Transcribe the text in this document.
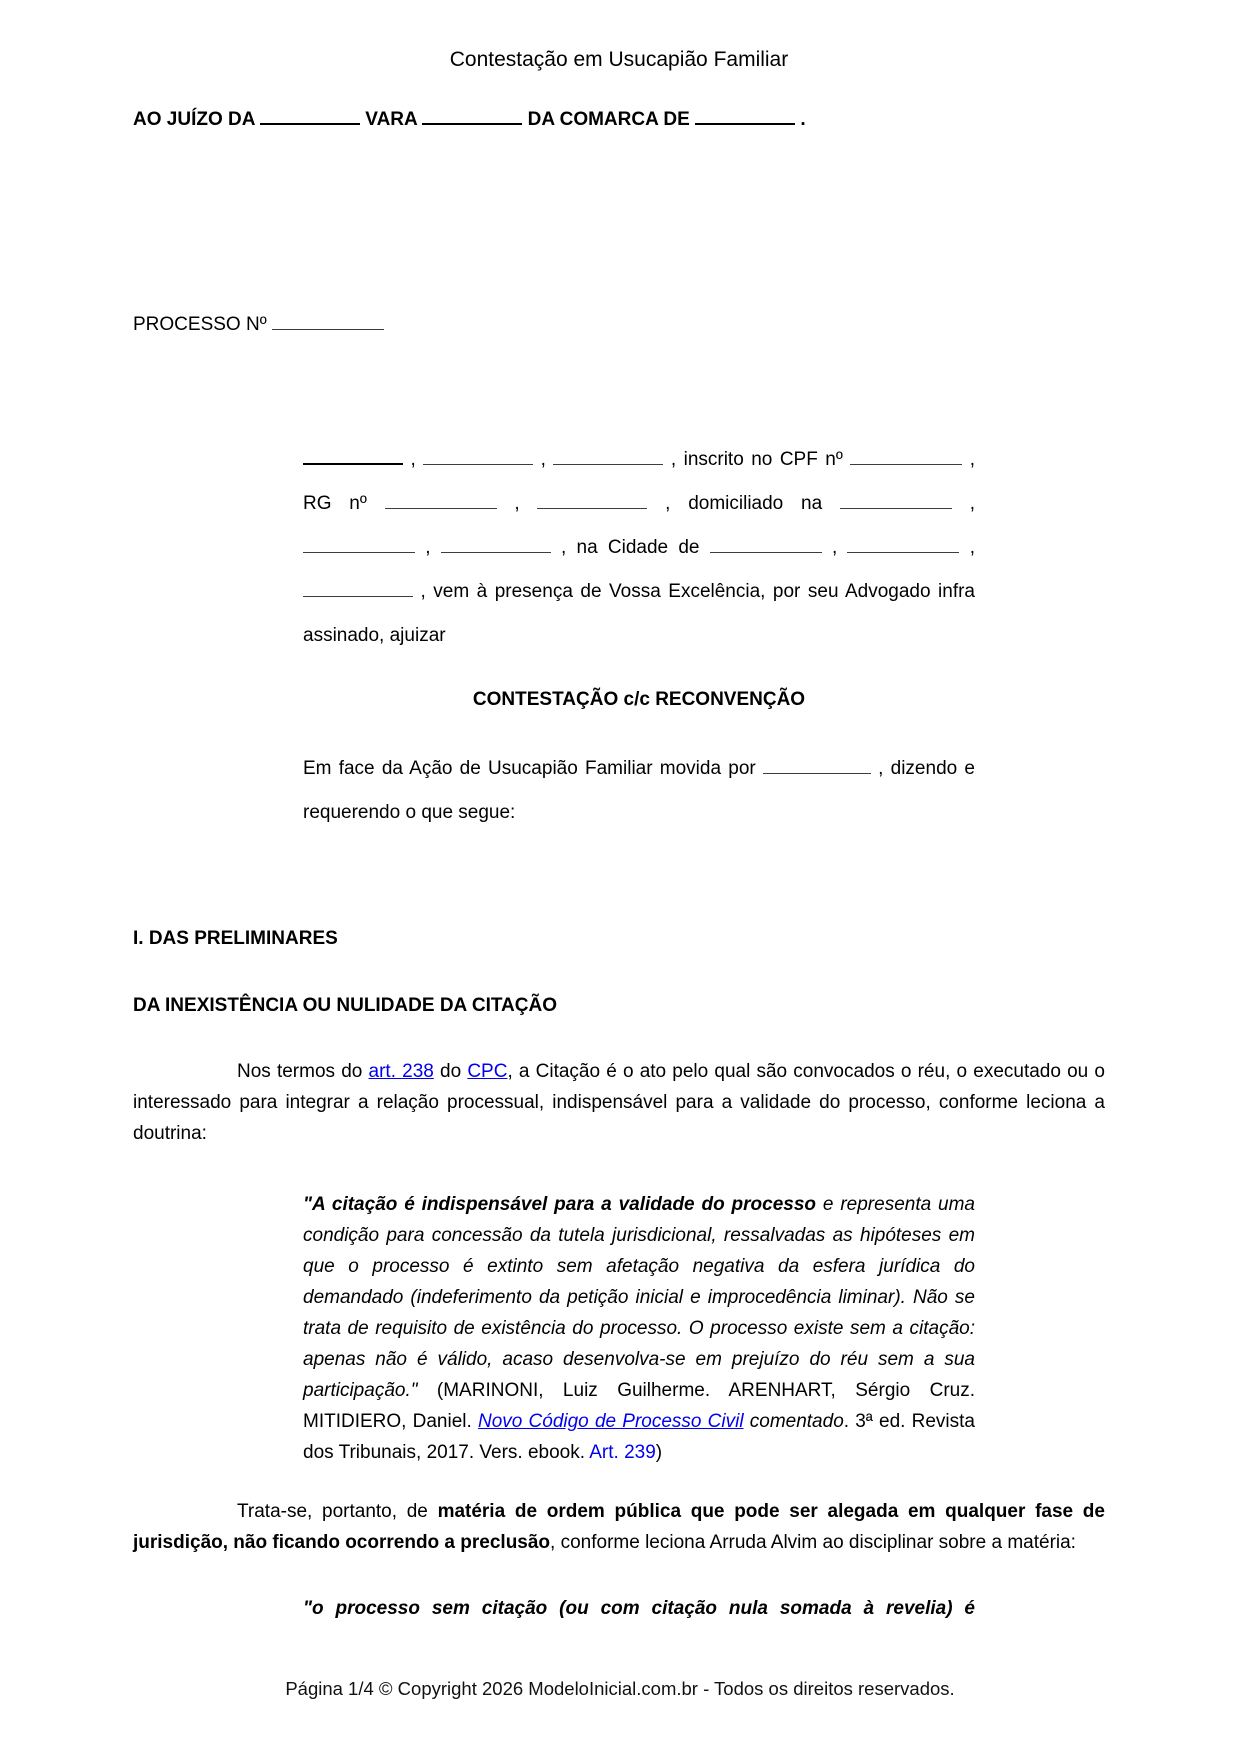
Contestação em Usucapião Familiar

AO JUÍZO DA	VARA	DA COMARCA DE	.

PROCESSO Nº

,	,	, inscrito no CPF nº	, RG nº	,	, domiciliado na	,  ,	, na Cidade de	,	,  , vem à presença de Vossa Excelência, por seu Advogado infra assinado, ajuizar

CONTESTAÇÃO c/c RECONVENÇÃO

Em face da Ação de Usucapião Familiar movida por	, dizendo e requerendo o que segue:

I. DAS PRELIMINARES

DA INEXISTÊNCIA OU NULIDADE DA CITAÇÃO

Nos termos do art. 238 do CPC, a Citação é o ato pelo qual são convocados o réu, o executado ou o interessado para integrar a relação processual, indispensável para a validade do processo, conforme leciona a doutrina:

"A citação é indispensável para a validade do processo e representa uma condição para concessão da tutela jurisdicional, ressalvadas as hipóteses em que o processo é extinto sem afetação negativa da esfera jurídica do demandado (indeferimento da petição inicial e improcedência liminar). Não se trata de requisito de existência do processo. O processo existe sem a citação: apenas não é válido, acaso desenvolva-se em prejuízo do réu sem a sua participação." (MARINONI, Luiz Guilherme. ARENHART, Sérgio Cruz. MITIDIERO, Daniel. Novo Código de Processo Civil comentado. 3ª ed. Revista dos Tribunais, 2017. Vers. ebook. Art. 239)

Trata-se, portanto, de matéria de ordem pública que pode ser alegada em qualquer fase de jurisdição, não ficando ocorrendo a preclusão, conforme leciona Arruda Alvim ao disciplinar sobre a matéria:

"o processo sem citação (ou com citação nula somada à revelia) é

Página 1/4 © Copyright 2026 ModeloInicial.com.br - Todos os direitos reservados.
